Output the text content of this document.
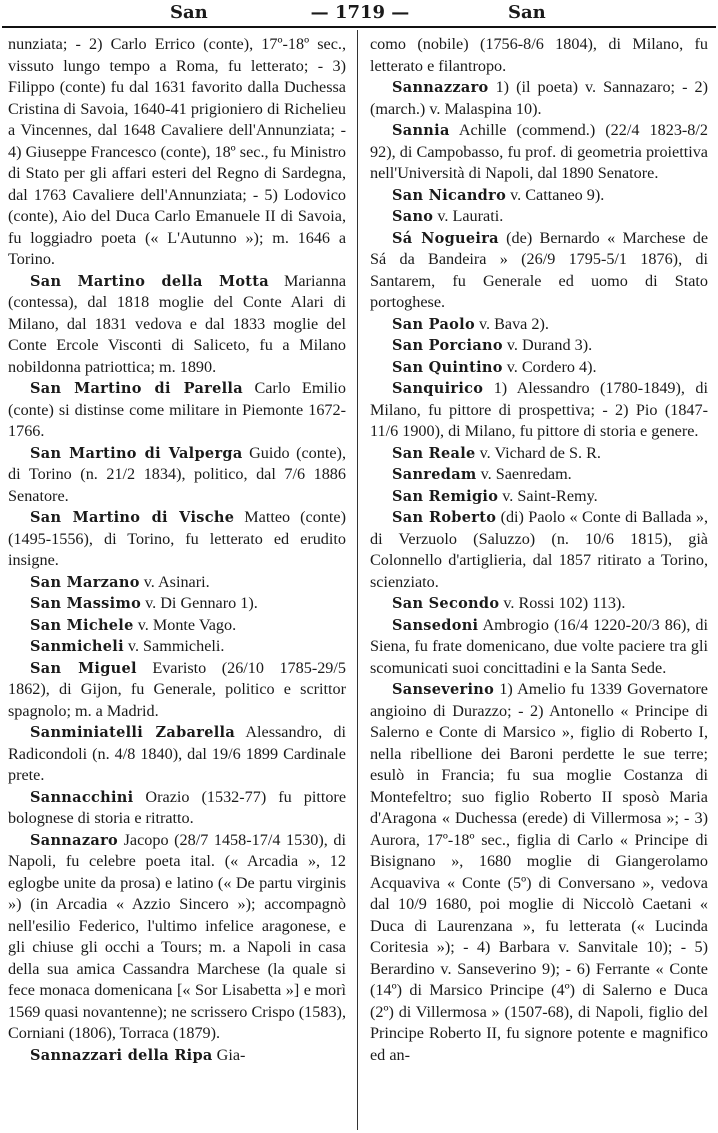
San	— 1719 —	San

nunziata; - 2) Carlo Errico (conte), 17º-18º sec., vissuto lungo tempo a Roma, fu letterato; - 3) Filippo (conte) fu dal 1631 favorito dalla Duchessa Cristina di Savoia, 1640-41 prigioniero di Richelieu a Vincennes, dal 1648 Cavaliere dell'Annunziata; - 4) Giuseppe Francesco (conte), 18º sec., fu Ministro di Stato per gli affari esteri del Regno di Sardegna, dal 1763 Cavaliere dell'Annunziata; - 5) Lodovico (conte), Aio del Duca Carlo Emanuele II di Savoia, fu loggiadro poeta (« L'Autunno »); m. 1646 a Torino.

San Martino della Motta Marianna (contessa), dal 1818 moglie del Conte Alari di Milano, dal 1831 vedova e dal 1833 moglie del Conte Ercole Visconti di Saliceto, fu a Milano nobildonna patriottica; m. 1890.

San Martino di Parella Carlo Emilio (conte) si distinse come militare in Piemonte 1672-1766.

San Martino di Valperga Guido (conte), di Torino (n. 21/2 1834), politico, dal 7/6 1886 Senatore.

San Martino di Vische Matteo (conte) (1495-1556), di Torino, fu letterato ed erudito insigne.

San Marzano v. Asinari.

San Massimo v. Di Gennaro 1).

San Michele v. Monte Vago.

Sanmicheli v. Sammicheli.

San Miguel Evaristo (26/10 1785-29/5 1862), di Gijon, fu Generale, politico e scrittor spagnolo; m. a Madrid.

Sanminiatelli Zabarella Alessandro, di Radicondoli (n. 4/8 1840), dal 19/6 1899 Cardinale prete.

Sannacchini Orazio (1532-77) fu pittore bolognese di storia e ritratto.

Sannazaro Jacopo (28/7 1458-17/4 1530), di Napoli, fu celebre poeta ital. (« Arcadia », 12 eglogbe unite da prosa) e latino (« De partu virginis ») (in Arcadia « Azzio Sincero »); accompagnò nell'esilio Federico, l'ultimo infelice aragonese, e gli chiuse gli occhi a Tours; m. a Napoli in casa della sua amica Cassandra Marchese (la quale si fece monaca domenicana [« Sor Lisabetta »] e morì 1569 quasi novantenne); ne scrissero Crispo (1583), Corniani (1806), Torraca (1879).

Sannazzari della Ripa Gia-

como (nobile) (1756-8/6 1804), di Milano, fu letterato e filantropo.

Sannazzaro 1) (il poeta) v. Sannazaro; - 2) (march.) v. Malaspina 10).

Sannia Achille (commend.) (22/4 1823-8/2 92), di Campobasso, fu prof. di geometria proiettiva nell'Università di Napoli, dal 1890 Senatore.

San Nicandro v. Cattaneo 9).

Sano v. Laurati.

Sá Nogueira (de) Bernardo « Marchese de Sá da Bandeira » (26/9 1795-5/1 1876), di Santarem, fu Generale ed uomo di Stato portoghese.

San Paolo v. Bava 2).

San Porciano v. Durand 3).

San Quintino v. Cordero 4).

Sanquirico 1) Alessandro (1780-1849), di Milano, fu pittore di prospettiva; - 2) Pio (1847-11/6 1900), di Milano, fu pittore di storia e genere.

San Reale v. Vichard de S. R.

Sanredam v. Saenredam.

San Remigio v. Saint-Remy.

San Roberto (di) Paolo « Conte di Ballada », di Verzuolo (Saluzzo) (n. 10/6 1815), già Colonnello d'artiglieria, dal 1857 ritirato a Torino, scienziato.

San Secondo v. Rossi 102) 113).

Sansedoni Ambrogio (16/4 1220-20/3 86), di Siena, fu frate domenicano, due volte paciere tra gli scomunicati suoi concittadini e la Santa Sede.

Sanseverino 1) Amelio fu 1339 Governatore angioino di Durazzo; - 2) Antonello « Principe di Salerno e Conte di Marsico », figlio di Roberto I, nella ribellione dei Baroni perdette le sue terre; esulò in Francia; fu sua moglie Costanza di Montefeltro; suo figlio Roberto II sposò Maria d'Aragona « Duchessa (erede) di Villermosa »; - 3) Aurora, 17º-18º sec., figlia di Carlo « Principe di Bisignano », 1680 moglie di Giangerolamo Acquaviva « Conte (5º) di Conversano », vedova dal 10/9 1680, poi moglie di Niccolò Caetani « Duca di Laurenzana », fu letterata (« Lucinda Coritesia »); - 4) Barbara v. Sanvitale 10); - 5) Berardino v. Sanseverino 9); - 6) Ferrante « Conte (14º) di Marsico Principe (4º) di Salerno e Duca (2º) di Villermosa » (1507-68), di Napoli, figlio del Principe Roberto II, fu signore potente e magnifico ed an-
